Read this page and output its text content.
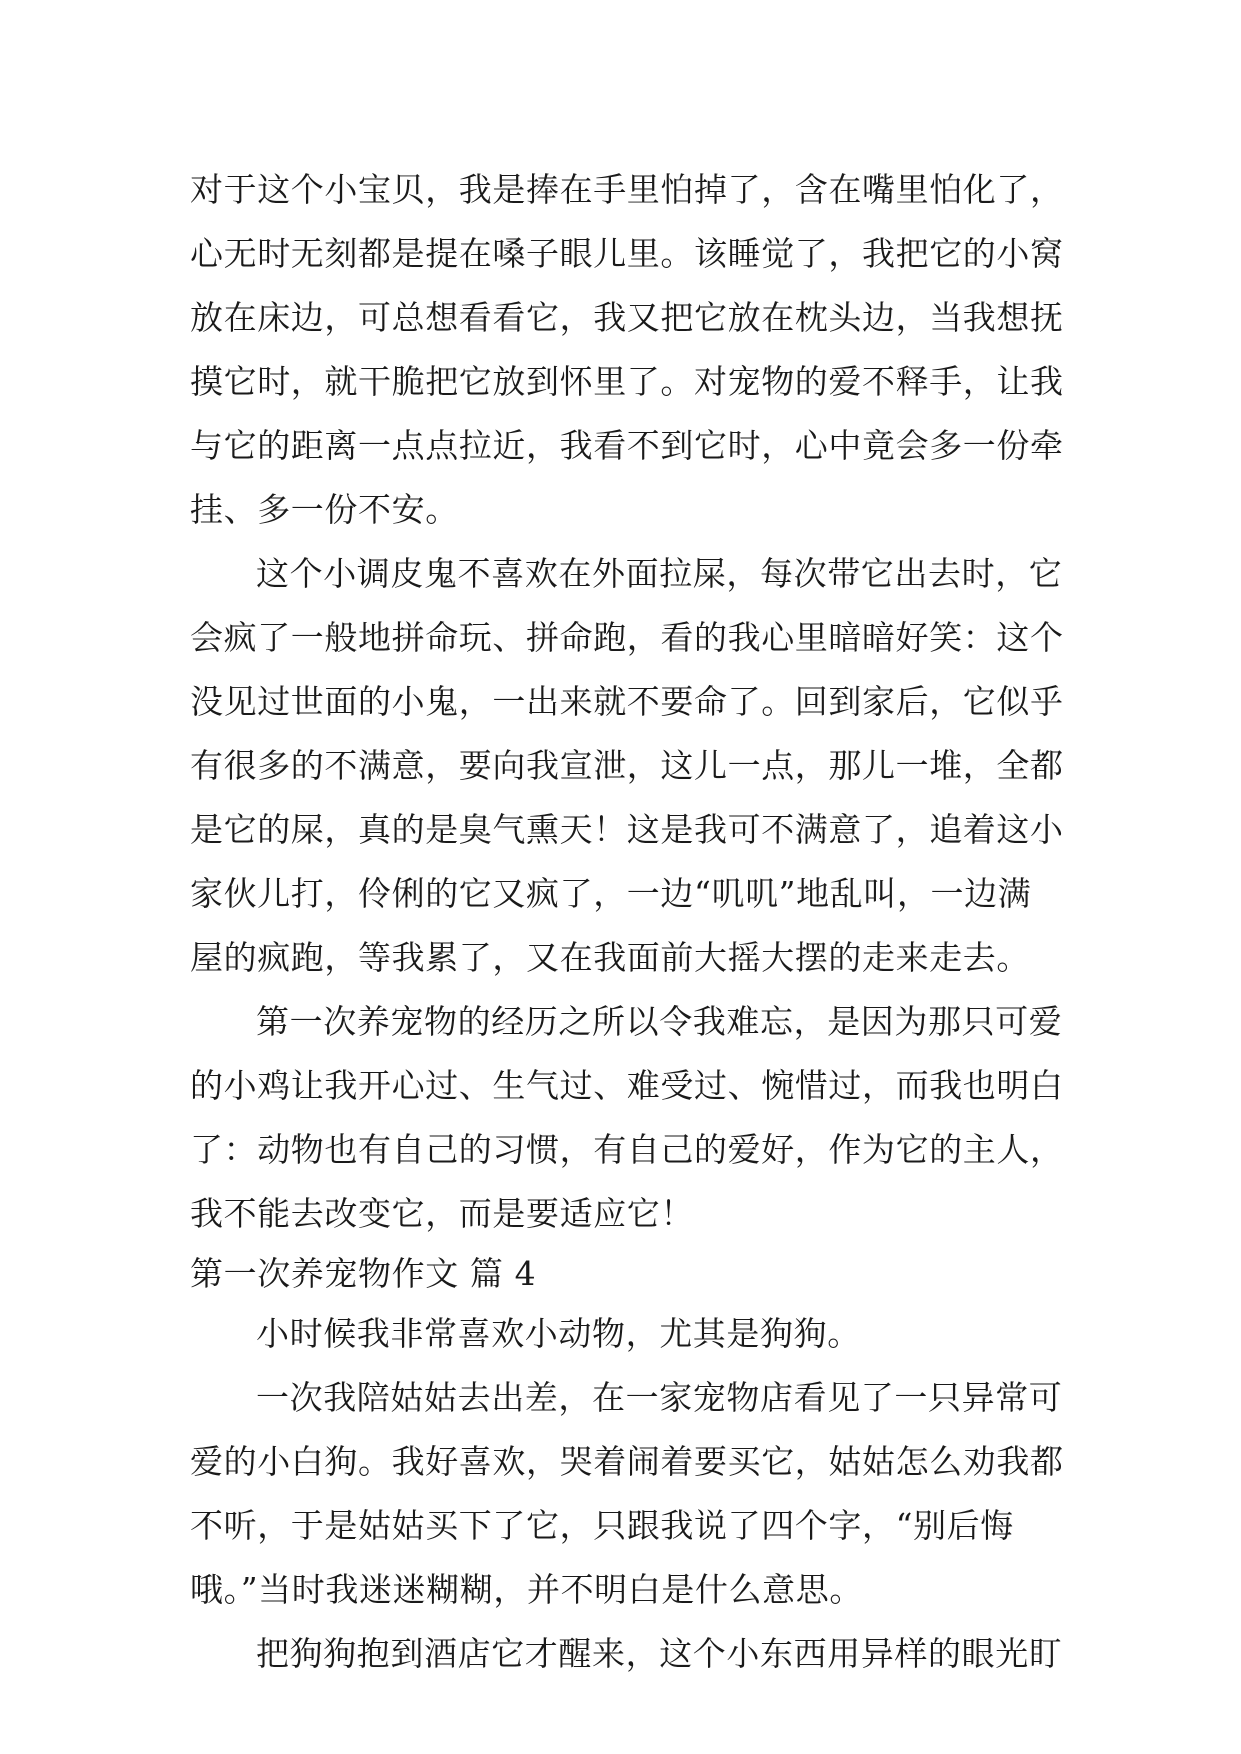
对于这个小宝贝，我是捧在手里怕掉了，含在嘴里怕化了，
心无时无刻都是提在嗓子眼儿里。该睡觉了，我把它的小窝
放在床边，可总想看看它，我又把它放在枕头边，当我想抚
摸它时，就干脆把它放到怀里了。对宠物的爱不释手，让我
与它的距离一点点拉近，我看不到它时，心中竟会多一份牵
挂、多一份不安。
这个小调皮鬼不喜欢在外面拉屎，每次带它出去时，它
会疯了一般地拼命玩、拼命跑，看的我心里暗暗好笑：这个
没见过世面的小鬼，一出来就不要命了。回到家后，它似乎
有很多的不满意，要向我宣泄，这儿一点，那儿一堆，全都
是它的屎，真的是臭气熏天！这是我可不满意了，追着这小
家伙儿打，伶俐的它又疯了，一边“叽叽”地乱叫，一边满
屋的疯跑，等我累了，又在我面前大摇大摆的走来走去。
第一次养宠物的经历之所以令我难忘，是因为那只可爱
的小鸡让我开心过、生气过、难受过、惋惜过，而我也明白
了：动物也有自己的习惯，有自己的爱好，作为它的主人，
我不能去改变它，而是要适应它！
第一次养宠物作文 篇 4
小时候我非常喜欢小动物，尤其是狗狗。
一次我陪姑姑去出差，在一家宠物店看见了一只异常可
爱的小白狗。我好喜欢，哭着闹着要买它，姑姑怎么劝我都
不听，于是姑姑买下了它，只跟我说了四个字，“别后悔
哦。”当时我迷迷糊糊，并不明白是什么意思。
把狗狗抱到酒店它才醒来，这个小东西用异样的眼光盯
